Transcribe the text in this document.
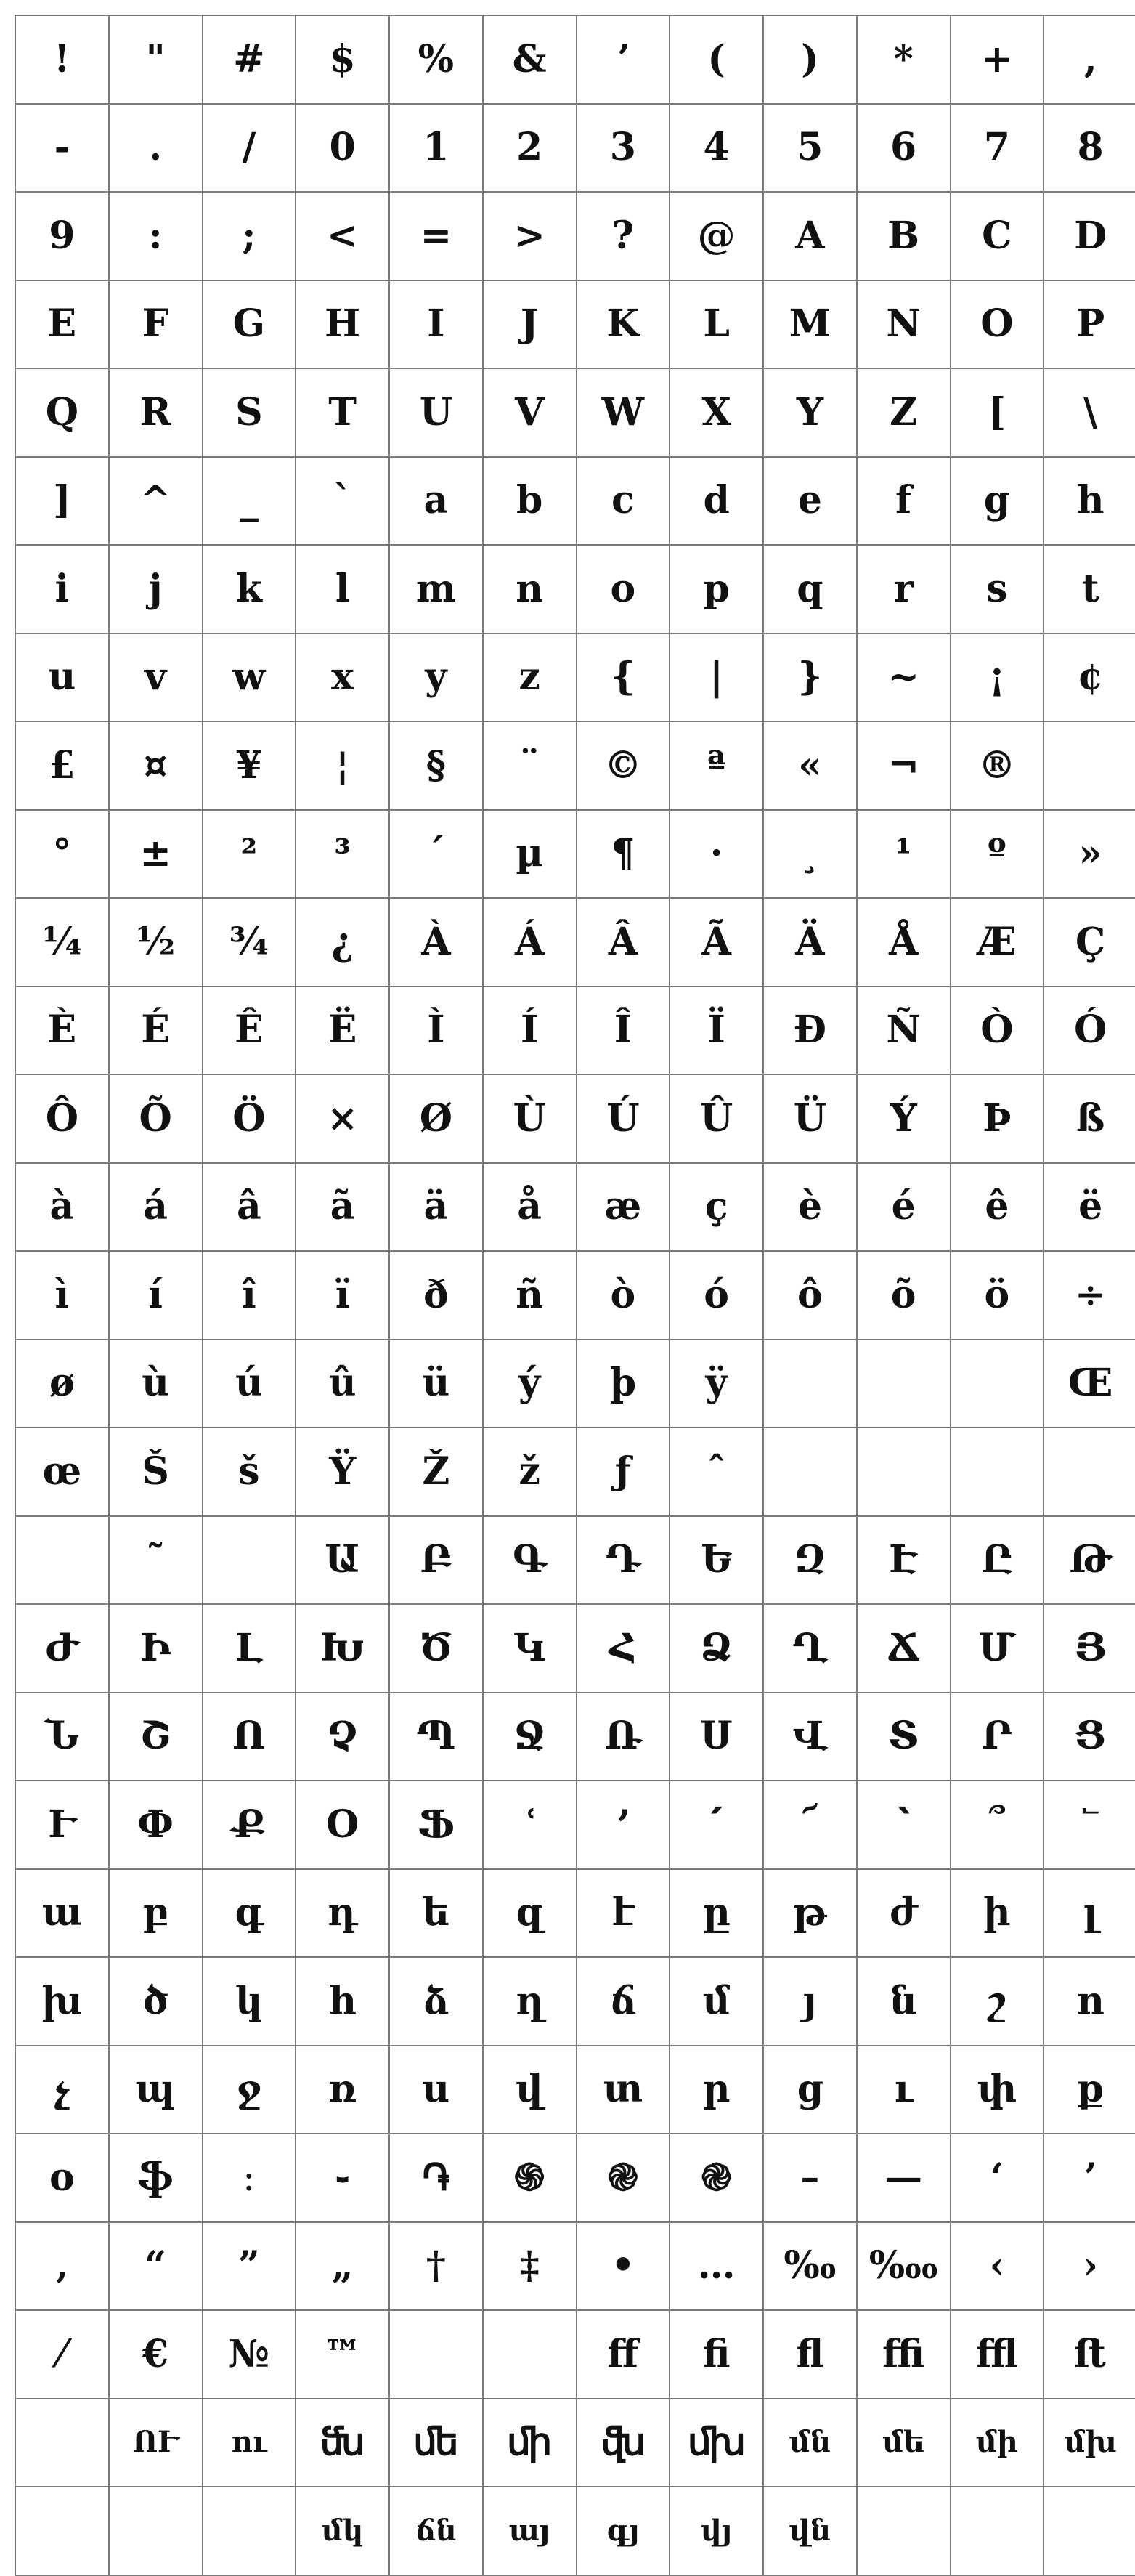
!	"	#	$	%	&	ʼ	(	)	*	+	,
-	.	/	0	1	2	3	4	5	6	7	8
9	:	;	<	=	>	?	@	A	B	C	D
E	F	G	H	I	J	K	L	M	N	O	P
Q	R	S	T	U	V	W	X	Y	Z	[	\
]	^	_	`	a	b	c	d	e	f	g	h
i	j	k	l	m	n	o	p	q	r	s	t
u	v	w	x	y	z	{	|	}	~	¡	¢
£	¤	¥	¦	§	¨	©	ª	«	¬	®	
°	±	²	³	´	µ	¶	·	¸	¹	º	»
¼	½	¾	¿	À	Á	Â	Ã	Ä	Å	Æ	Ç
È	É	Ê	Ë	Ì	Í	Î	Ï	Ð	Ñ	Ò	Ó
Ô	Õ	Ö	×	Ø	Ù	Ú	Û	Ü	Ý	Þ	ß
à	á	â	ã	ä	å	æ	ç	è	é	ê	ë
ì	í	î	ï	ð	ñ	ò	ó	ô	õ	ö	÷
ø	ù	ú	û	ü	ý	þ	ÿ				Œ
œ	Š	š	Ÿ	Ž	ž	ƒ	ˆ				
	˜		Ա	Բ	Գ	Դ	Ե	Զ	Է	Ը	Թ
Ժ	Ի	Լ	Խ	Ծ	Կ	Հ	Ձ	Ղ	Ճ	Մ	Յ
Ն	Շ	Ո	Չ	Պ	Ջ	Ռ	Ս	Վ	Տ	Ր	Ց
Ւ	Փ	Ք	Օ	Ֆ	ՙ	՚	՛	՜	՝	՞	՟
ա	բ	գ	դ	ե	զ	է	ը	թ	ժ	ի	լ
խ	ծ	կ	հ	ձ	ղ	ճ	մ	յ	ն	շ	ո
չ	պ	ջ	ռ	ս	վ	տ	ր	ց	ւ	փ	ք
օ	ֆ	։	֊	֏	֍	֎	֎	–	—	‘	’
‚	“	”	„	†	‡	•	…	‰	‱	‹	›
⁄	€	№	™			ﬀ	ﬁ	ﬂ	ﬃ	ﬄ	ﬅ
	ՈՒ	ու	ﬓ	ﬔ	ﬕ	ﬖ	ﬗ	մն	մե	մի	մխ
			մկ	ճն	այ	գյ	վյ	վն			
